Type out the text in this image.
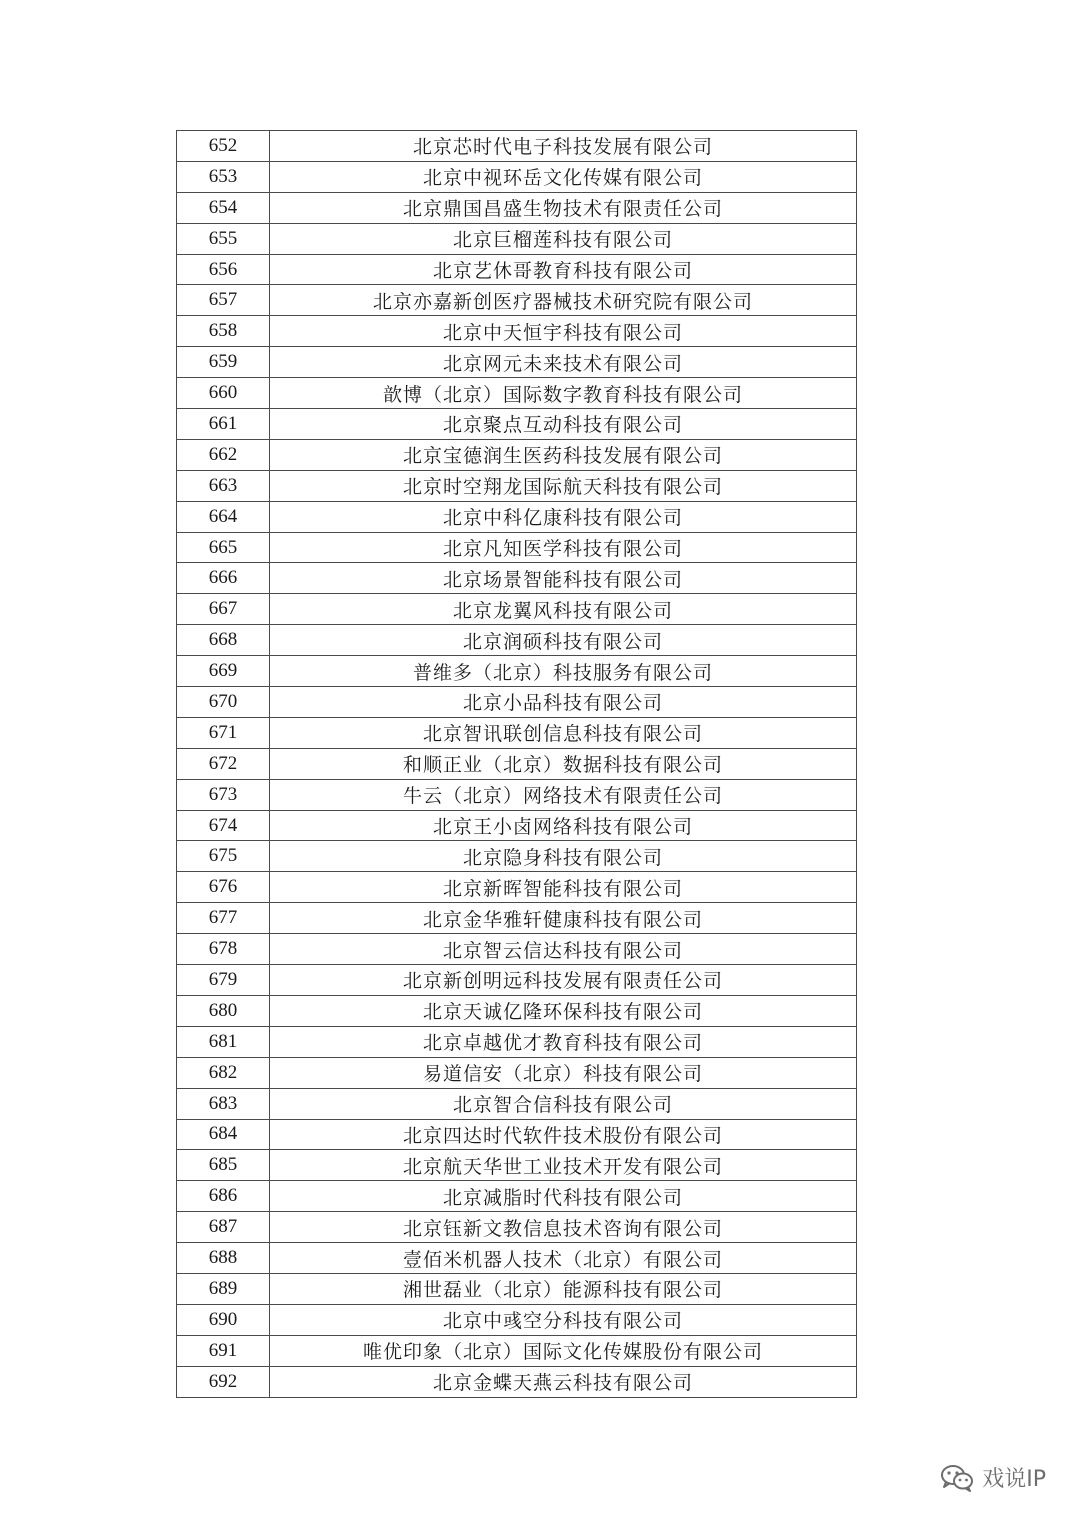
652	北京芯时代电子科技发展有限公司
653	北京中视环岳文化传媒有限公司
654	北京鼎国昌盛生物技术有限责任公司
655	北京巨榴莲科技有限公司
656	北京艺休哥教育科技有限公司
657	北京亦嘉新创医疗器械技术研究院有限公司
658	北京中天恒宇科技有限公司
659	北京网元未来技术有限公司
660	歆博（北京）国际数字教育科技有限公司
661	北京聚点互动科技有限公司
662	北京宝德润生医药科技发展有限公司
663	北京时空翔龙国际航天科技有限公司
664	北京中科亿康科技有限公司
665	北京凡知医学科技有限公司
666	北京场景智能科技有限公司
667	北京龙翼风科技有限公司
668	北京润硕科技有限公司
669	普维多（北京）科技服务有限公司
670	北京小品科技有限公司
671	北京智讯联创信息科技有限公司
672	和顺正业（北京）数据科技有限公司
673	牛云（北京）网络技术有限责任公司
674	北京王小卤网络科技有限公司
675	北京隐身科技有限公司
676	北京新晖智能科技有限公司
677	北京金华雅轩健康科技有限公司
678	北京智云信达科技有限公司
679	北京新创明远科技发展有限责任公司
680	北京天诚亿隆环保科技有限公司
681	北京卓越优才教育科技有限公司
682	易道信安（北京）科技有限公司
683	北京智合信科技有限公司
684	北京四达时代软件技术股份有限公司
685	北京航天华世工业技术开发有限公司
686	北京减脂时代科技有限公司
687	北京钰新文教信息技术咨询有限公司
688	壹佰米机器人技术（北京）有限公司
689	湘世磊业（北京）能源科技有限公司
690	北京中彧空分科技有限公司
691	唯优印象（北京）国际文化传媒股份有限公司
692	北京金蝶天燕云科技有限公司
戏说IP
